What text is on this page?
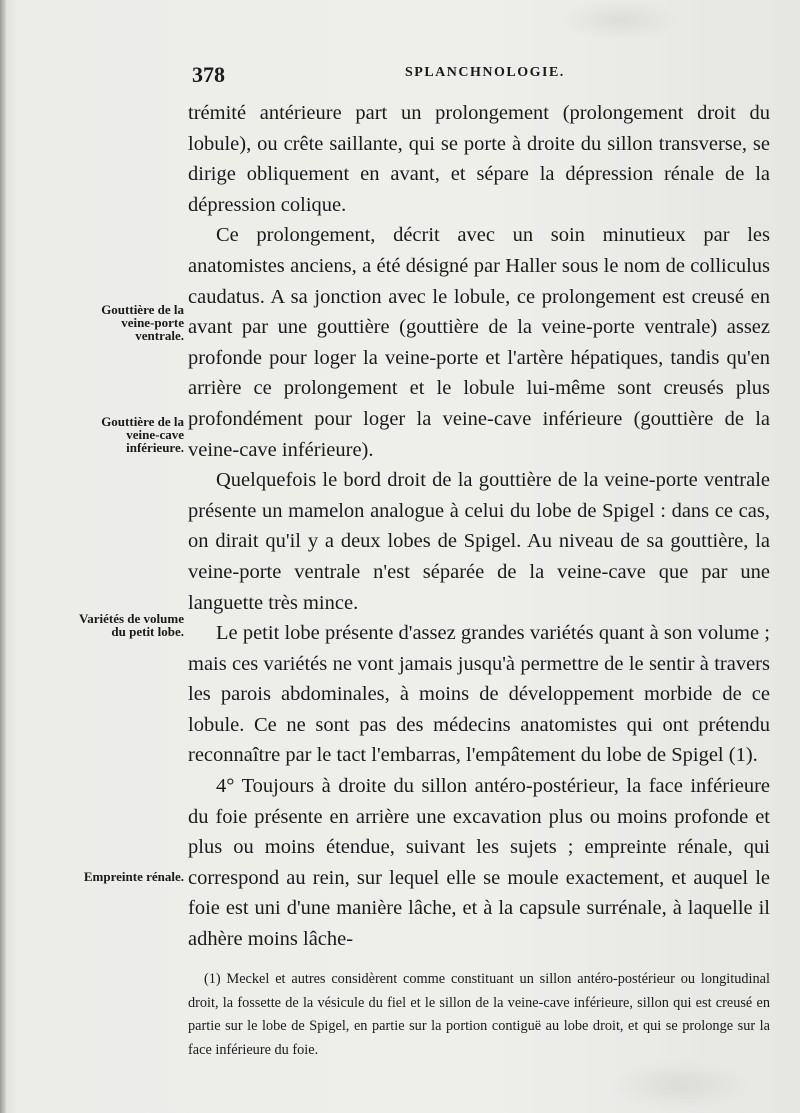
378	SPLANCHNOLOGIE.
Gouttière de la veine-porte ventrale.
Gouttière de la veine-cave inférieure.
Variétés de volume du petit lobe.
Empreinte rénale.

trémité antérieure part un prolongement (prolongement droit du lobule), ou crête saillante, qui se porte à droite du sillon transverse, se dirige obliquement en avant, et sépare la dépression rénale de la dépression colique.

Ce prolongement, décrit avec un soin minutieux par les anatomistes anciens, a été désigné par Haller sous le nom de colliculus caudatus. A sa jonction avec le lobule, ce prolongement est creusé en avant par une gouttière (gouttière de la veine-porte ventrale) assez profonde pour loger la veine-porte et l'artère hépatiques, tandis qu'en arrière ce prolongement et le lobule lui-même sont creusés plus profondément pour loger la veine-cave inférieure (gouttière de la veine-cave inférieure).

Quelquefois le bord droit de la gouttière de la veine-porte ventrale présente un mamelon analogue à celui du lobe de Spigel : dans ce cas, on dirait qu'il y a deux lobes de Spigel. Au niveau de sa gouttière, la veine-porte ventrale n'est séparée de la veine-cave que par une languette très mince.

Le petit lobe présente d'assez grandes variétés quant à son volume ; mais ces variétés ne vont jamais jusqu'à permettre de le sentir à travers les parois abdominales, à moins de développement morbide de ce lobule. Ce ne sont pas des médecins anatomistes qui ont prétendu reconnaître par le tact l'embarras, l'empâtement du lobe de Spigel (1).

4° Toujours à droite du sillon antéro-postérieur, la face inférieure du foie présente en arrière une excavation plus ou moins profonde et plus ou moins étendue, suivant les sujets ; empreinte rénale, qui correspond au rein, sur lequel elle se moule exactement, et auquel le foie est uni d'une manière lâche, et à la capsule surrénale, à laquelle il adhère moins lâche-

(1) Meckel et autres considèrent comme constituant un sillon antéro-postérieur ou longitudinal droit, la fossette de la vésicule du fiel et le sillon de la veine-cave inférieure, sillon qui est creusé en partie sur le lobe de Spigel, en partie sur la portion contiguë au lobe droit, et qui se prolonge sur la face inférieure du foie.
